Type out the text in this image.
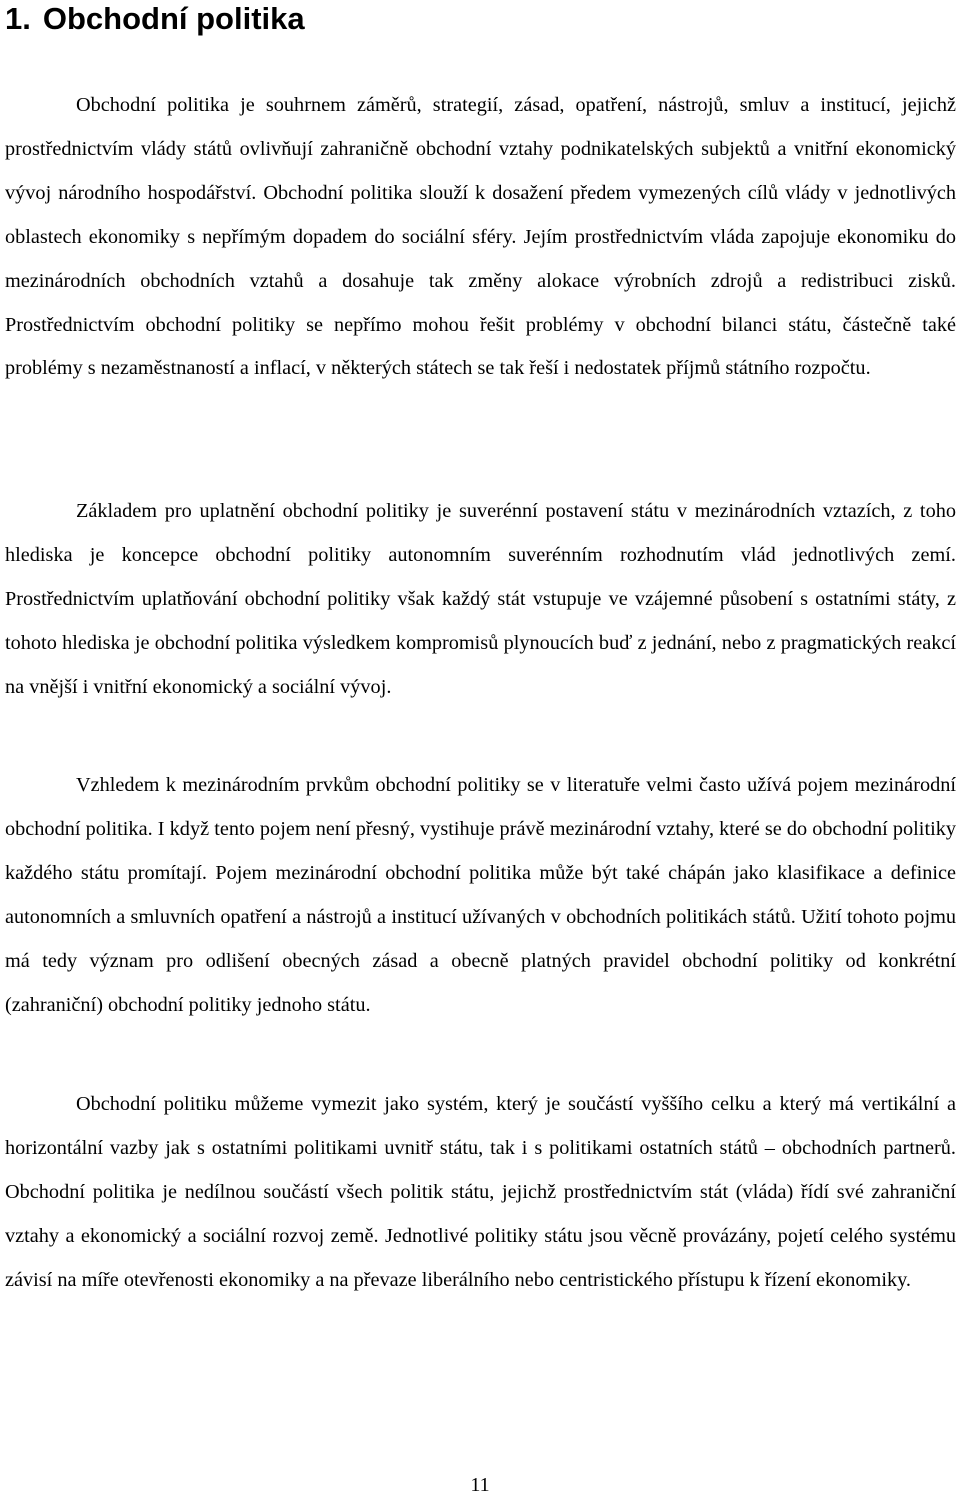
1. Obchodní politika

Obchodní politika je souhrnem záměrů, strategií, zásad, opatření, nástrojů, smluv a institucí, jejichž prostřednictvím vlády států ovlivňují zahraničně obchodní vztahy podnikatelských subjektů a vnitřní ekonomický vývoj národního hospodářství. Obchodní politika slouží k dosažení předem vymezených cílů vlády v jednotlivých oblastech ekonomiky s nepřímým dopadem do sociální sféry. Jejím prostřednictvím vláda zapojuje ekonomiku do mezinárodních obchodních vztahů a dosahuje tak změny alokace výrobních zdrojů a redistribuci zisků. Prostřednictvím obchodní politiky se nepřímo mohou řešit problémy v obchodní bilanci státu, částečně také problémy s nezaměstnaností a inflací, v některých státech se tak řeší i nedostatek příjmů státního rozpočtu.

Základem pro uplatnění obchodní politiky je suverénní postavení státu v mezinárodních vztazích, z toho hlediska je koncepce obchodní politiky autonomním suverénním rozhodnutím vlád jednotlivých zemí. Prostřednictvím uplatňování obchodní politiky však každý stát vstupuje ve vzájemné působení s ostatními státy, z tohoto hlediska je obchodní politika výsledkem kompromisů plynoucích buď z jednání, nebo z pragmatických reakcí na vnější i vnitřní ekonomický a sociální vývoj.

Vzhledem k mezinárodním prvkům obchodní politiky se v literatuře velmi často užívá pojem mezinárodní obchodní politika. I když tento pojem není přesný, vystihuje právě mezinárodní vztahy, které se do obchodní politiky každého státu promítají. Pojem mezinárodní obchodní politika může být také chápán jako klasifikace a definice autonomních a smluvních opatření a nástrojů a institucí užívaných v obchodních politikách států. Užití tohoto pojmu má tedy význam pro odlišení obecných zásad a obecně platných pravidel obchodní politiky od konkrétní (zahraniční) obchodní politiky jednoho státu.

Obchodní politiku můžeme vymezit jako systém, který je součástí vyššího celku a který má vertikální a horizontální vazby jak s ostatními politikami uvnitř státu, tak i s politikami ostatních států – obchodních partnerů. Obchodní politika je nedílnou součástí všech politik státu, jejichž prostřednictvím stát (vláda) řídí své zahraniční vztahy a ekonomický a sociální rozvoj země. Jednotlivé politiky státu jsou věcně provázány, pojetí celého systému závisí na míře otevřenosti ekonomiky a na převaze liberálního nebo centristického přístupu k řízení ekonomiky.

11
